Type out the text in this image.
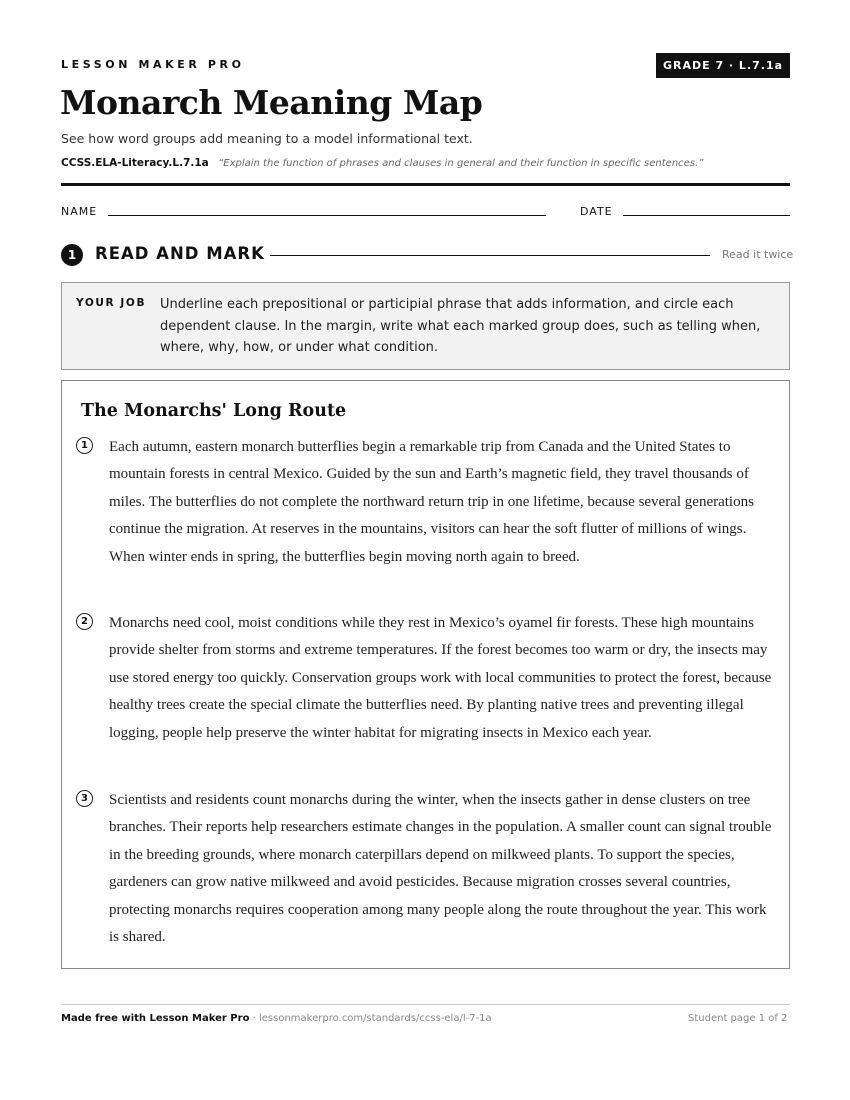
LESSON MAKER PRO	GRADE 7 · L.7.1a
Monarch Meaning Map
See how word groups add meaning to a model informational text.
CCSS.ELA-Literacy.L.7.1a “Explain the function of phrases and clauses in general and their function in specific sentences.”
NAME	DATE
1	READ AND MARK	Read it twice
YOUR JOB Underline each prepositional or participial phrase that adds information, and circle each dependent clause. In the margin, write what each marked group does, such as telling when, where, why, how, or under what condition.
The Monarchs' Long Route
1	Each autumn, eastern monarch butterflies begin a remarkable trip from Canada and the United States to mountain forests in central Mexico. Guided by the sun and Earth’s magnetic field, they travel thousands of miles. The butterflies do not complete the northward return trip in one lifetime, because several generations continue the migration. At reserves in the mountains, visitors can hear the soft flutter of millions of wings. When winter ends in spring, the butterflies begin moving north again to breed.
2	Monarchs need cool, moist conditions while they rest in Mexico’s oyamel fir forests. These high mountains provide shelter from storms and extreme temperatures. If the forest becomes too warm or dry, the insects may use stored energy too quickly. Conservation groups work with local communities to protect the forest, because healthy trees create the special climate the butterflies need. By planting native trees and preventing illegal logging, people help preserve the winter habitat for migrating insects in Mexico each year.
3	Scientists and residents count monarchs during the winter, when the insects gather in dense clusters on tree branches. Their reports help researchers estimate changes in the population. A smaller count can signal trouble in the breeding grounds, where monarch caterpillars depend on milkweed plants. To support the species, gardeners can grow native milkweed and avoid pesticides. Because migration crosses several countries, protecting monarchs requires cooperation among many people along the route throughout the year. This work is shared.
Made free with Lesson Maker Pro · lessonmakerpro.com/standards/ccss-ela/l-7-1a	Student page 1 of 2
